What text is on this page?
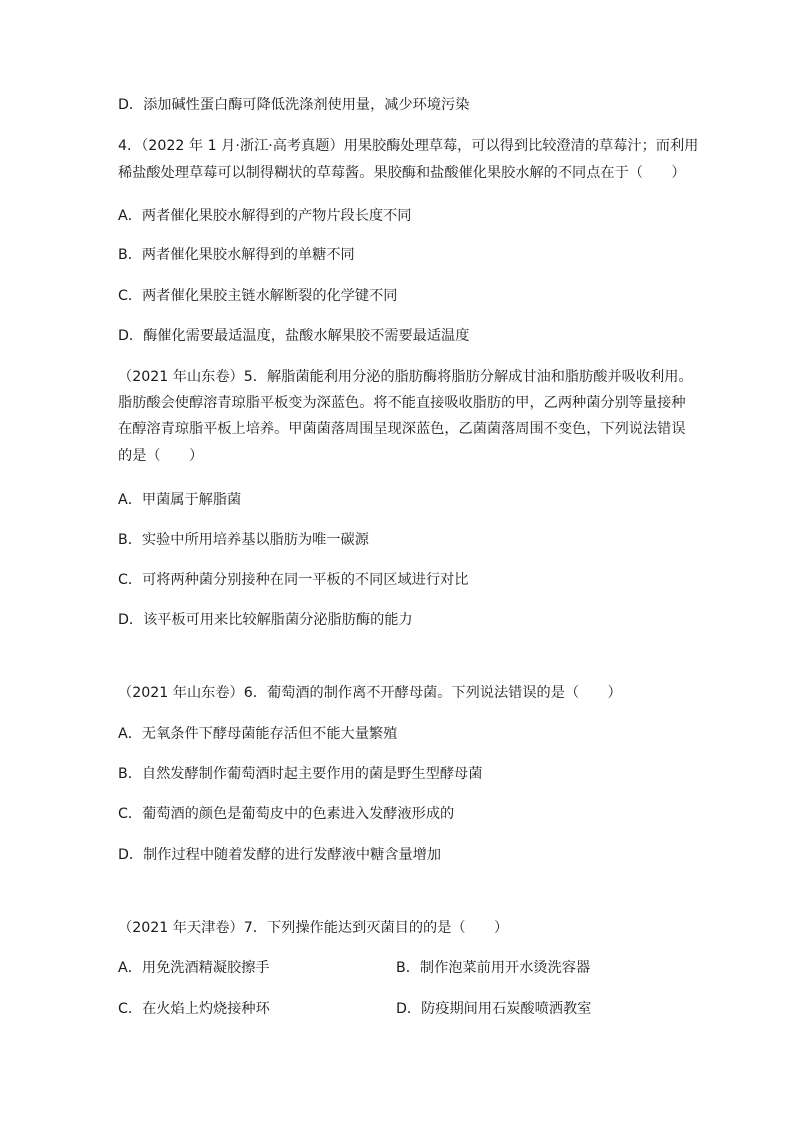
D．添加碱性蛋白酶可降低洗涤剂使用量，减少环境污染
4．（2022 年 1 月·浙江·高考真题）用果胶酶处理草莓，可以得到比较澄清的草莓汁；而利用
稀盐酸处理草莓可以制得糊状的草莓酱。果胶酶和盐酸催化果胶水解的不同点在于（　　）
A．两者催化果胶水解得到的产物片段长度不同
B．两者催化果胶水解得到的单糖不同
C．两者催化果胶主链水解断裂的化学键不同
D．酶催化需要最适温度，盐酸水解果胶不需要最适温度
（2021 年山东卷）5．解脂菌能利用分泌的脂肪酶将脂肪分解成甘油和脂肪酸并吸收利用。
脂肪酸会使醇溶青琼脂平板变为深蓝色。将不能直接吸收脂肪的甲，乙两种菌分别等量接种
在醇溶青琼脂平板上培养。甲菌菌落周围呈现深蓝色，乙菌菌落周围不变色，下列说法错误
的是（　　）
A．甲菌属于解脂菌
B．实验中所用培养基以脂肪为唯一碳源
C．可将两种菌分别接种在同一平板的不同区域进行对比
D．该平板可用来比较解脂菌分泌脂肪酶的能力
（2021 年山东卷）6．葡萄酒的制作离不开酵母菌。下列说法错误的是（　　）
A．无氧条件下酵母菌能存活但不能大量繁殖
B．自然发酵制作葡萄酒时起主要作用的菌是野生型酵母菌
C．葡萄酒的颜色是葡萄皮中的色素进入发酵液形成的
D．制作过程中随着发酵的进行发酵液中糖含量增加
（2021 年天津卷）7．下列操作能达到灭菌目的的是（　　）
A．用免洗酒精凝胶擦手	B．制作泡菜前用开水烫洗容器
C．在火焰上灼烧接种环	D．防疫期间用石炭酸喷洒教室
